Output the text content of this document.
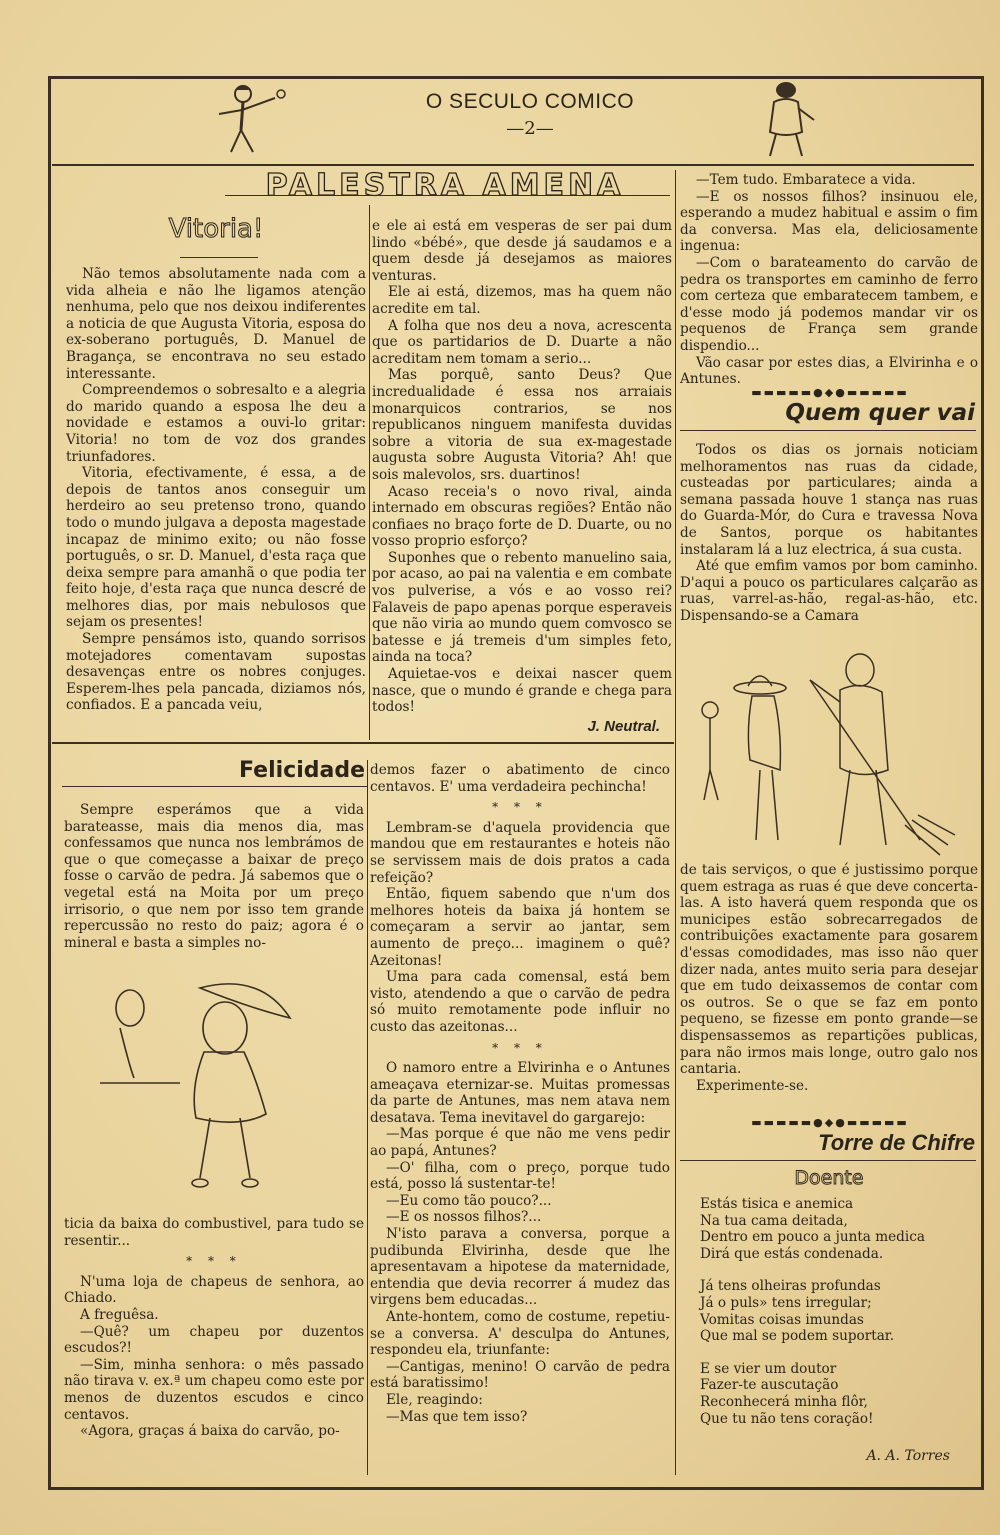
O SECULO COMICO
—2—
PALESTRA AMENA
Vitoria!

Não temos absolutamente nada com a vida alheia e não lhe ligamos atenção nenhuma, pelo que nos deixou indiferentes a noticia de que Augusta Vitoria, esposa do ex-soberano português, D. Manuel de Bragança, se encontrava no seu estado interessante.

Compreendemos o sobresalto e a alegria do marido quando a esposa lhe deu a novidade e estamos a ouvi-lo gritar: Vitoria! no tom de voz dos grandes triunfadores.

Vitoria, efectivamente, é essa, a de depois de tantos anos conseguir um herdeiro ao seu pretenso trono, quando todo o mundo julgava a deposta magestade incapaz de minimo exito; ou não fosse português, o sr. D. Manuel, d'esta raça que deixa sempre para amanhã o que podia ter feito hoje, d'esta raça que nunca descré de melhores dias, por mais nebulosos que sejam os presentes!

Sempre pensámos isto, quando sorrisos motejadores comentavam supostas desavenças entre os nobres conjuges. Esperem-lhes pela pancada, diziamos nós, confiados. E a pancada veiu,

e ele ai está em vesperas de ser pai dum lindo «bébé», que desde já saudamos e a quem desde já desejamos as maiores venturas.

Ele ai está, dizemos, mas ha quem não acredite em tal.

A folha que nos deu a nova, acrescenta que os partidarios de D. Duarte a não acreditam nem tomam a serio...

Mas porquê, santo Deus? Que incredualidade é essa nos arraiais monarquicos contrarios, se nos republicanos ninguem manifesta duvidas sobre a vitoria de sua ex-magestade augusta sobre Augusta Vitoria? Ah! que sois malevolos, srs. duartinos!

Acaso receia's o novo rival, ainda internado em obscuras regiões? Então não confiaes no braço forte de D. Duarte, ou no vosso proprio esforço?

Suponhes que o rebento manuelino saia, por acaso, ao pai na valentia e em combate vos pulverise, a vós e ao vosso rei? Falaveis de papo apenas porque esperaveis que não viria ao mundo quem comvosco se batesse e já tremeis d'um simples feto, ainda na toca?

Aquietae-vos e deixai nascer quem nasce, que o mundo é grande e chega para todos!

J. Neutral.

—Tem tudo. Embaratece a vida.

—E os nossos filhos? insinuou ele, esperando a mudez habitual e assim o fim da conversa. Mas ela, deliciosamente ingenua:

—Com o barateamento do carvão de pedra os transportes em caminho de ferro com certeza que embaratecem tambem, e d'esse modo já podemos mandar vir os pequenos de França sem grande dispendio...

Vão casar por estes dias, a Elvirinha e o Antunes.

▬▬▬▬▬●◆●▬▬▬▬▬
Quem quer vai

Todos os dias os jornais noticiam melhoramentos nas ruas da cidade, custeadas por particulares; ainda a semana passada houve 1 stança nas ruas do Guarda-Mór, do Cura e travessa Nova de Santos, porque os habitantes instalaram lá a luz electrica, á sua custa.

Até que emfim vamos por bom caminho. D'aqui a pouco os particulares calçarão as ruas, varrel-as-hão, regal-as-hão, etc. Dispensando-se a Camara

de tais serviços, o que é justissimo porque quem estraga as ruas é que deve concerta-las. A isto haverá quem responda que os municipes estão sobrecarregados de contribuições exactamente para gosarem d'essas comodidades, mas isso não quer dizer nada, antes muito seria para desejar que em tudo deixassemos de contar com os outros. Se o que se faz em ponto pequeno, se fizesse em ponto grande—se dispensassemos as repartições publicas, para não irmos mais longe, outro galo nos cantaria.

Experimente-se.

▬▬▬▬▬●◆●▬▬▬▬▬
Torre de Chifre
Doente

Estás tisica e anemica

Na tua cama deitada,

Dentro em pouco a junta medica

Dirá que estás condenada.

Já tens olheiras profundas

Já o puls» tens irregular;

Vomitas coisas imundas

Que mal se podem suportar.

E se vier um doutor

Fazer-te auscutação

Reconhecerá minha flôr,

Que tu não tens coração!

A. A. Torres
Felicidade

Sempre esperámos que a vida barateasse, mais dia menos dia, mas confessamos que nunca nos lembrámos de que o que começasse a baixar de preço fosse o carvão de pedra. Já sabemos que o vegetal está na Moita por um preço irrisorio, o que nem por isso tem grande repercussão no resto do paiz; agora é o mineral e basta a simples no-

ticia da baixa do combustivel, para tudo se resentir...

* * *

N'uma loja de chapeus de senhora, ao Chiado.

A freguêsa.

—Quê? um chapeu por duzentos escudos?!

—Sim, minha senhora: o mês passado não tirava v. ex.ª um chapeu como este por menos de duzentos escudos e cinco centavos.

«Agora, graças á baixa do carvão, po-

demos fazer o abatimento de cinco centavos. E' uma verdadeira pechincha!

* * *

Lembram-se d'aquela providencia que mandou que em restaurantes e hoteis não se servissem mais de dois pratos a cada refeição?

Então, fiquem sabendo que n'um dos melhores hoteis da baixa já hontem se começaram a servir ao jantar, sem aumento de preço... imaginem o quê? Azeitonas!

Uma para cada comensal, está bem visto, atendendo a que o carvão de pedra só muito remotamente pode influir no custo das azeitonas...

* * *

O namoro entre a Elvirinha e o Antunes ameaçava eternizar-se. Muitas promessas da parte de Antunes, mas nem atava nem desatava. Tema inevitavel do gargarejo:

—Mas porque é que não me vens pedir ao papá, Antunes?

—O' filha, com o preço, porque tudo está, posso lá sustentar-te!

—Eu como tão pouco?...

—E os nossos filhos?...

N'isto parava a conversa, porque a pudibunda Elvirinha, desde que lhe apresentavam a hipotese da maternidade, entendia que devia recorrer á mudez das virgens bem educadas...

Ante-hontem, como de costume, repetiu-se a conversa. A' desculpa do Antunes, respondeu ela, triunfante:

—Cantigas, menino! O carvão de pedra está baratissimo!

Ele, reagindo:

—Mas que tem isso?
